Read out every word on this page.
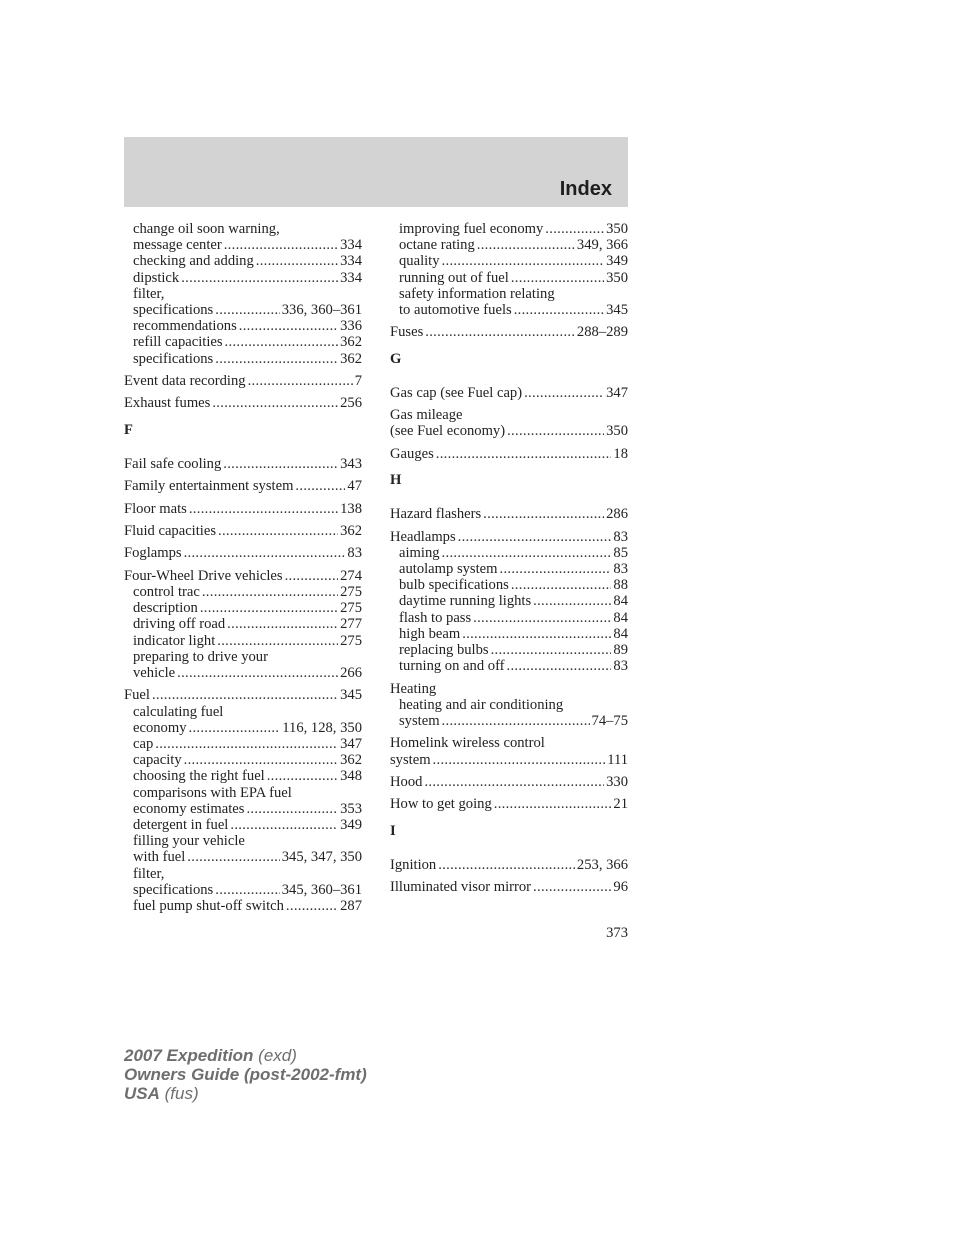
Index
change oil soon warning,
message center .....	334
checking and adding .....	334
dipstick .....	334
filter,
specifications .....	336, 360–361
recommendations .....	336
refill capacities .....	362
specifications .....	362
Event data recording .....	7
Exhaust fumes .....	256
F
Fail safe cooling .....	343
Family entertainment system .....	47
Floor mats .....	138
Fluid capacities .....	362
Foglamps .....	83
Four-Wheel Drive vehicles .....	274
control trac .....	275
description .....	275
driving off road .....	277
indicator light .....	275
preparing to drive your
vehicle .....	266
Fuel .....	345
calculating fuel
economy .....	116, 128, 350
cap .....	347
capacity .....	362
choosing the right fuel .....	348
comparisons with EPA fuel
economy estimates .....	353
detergent in fuel .....	349
filling your vehicle
with fuel .....	345, 347, 350
filter,
specifications .....	345, 360–361
fuel pump shut-off switch .....	287
improving fuel economy .....	350
octane rating .....	349, 366
quality .....	349
running out of fuel .....	350
safety information relating
to automotive fuels .....	345
Fuses .....	288–289
G
Gas cap (see Fuel cap) .....	347
Gas mileage
(see Fuel economy) .....	350
Gauges .....	18
H
Hazard flashers .....	286
Headlamps .....	83
aiming .....	85
autolamp system .....	83
bulb specifications .....	88
daytime running lights .....	84
flash to pass .....	84
high beam .....	84
replacing bulbs .....	89
turning on and off .....	83
Heating
heating and air conditioning
system .....	74–75
Homelink wireless control
system .....	111
Hood .....	330
How to get going .....	21
I
Ignition .....	253, 366
Illuminated visor mirror .....	96
373
2007 Expedition (exd)
Owners Guide (post-2002-fmt)
USA (fus)
